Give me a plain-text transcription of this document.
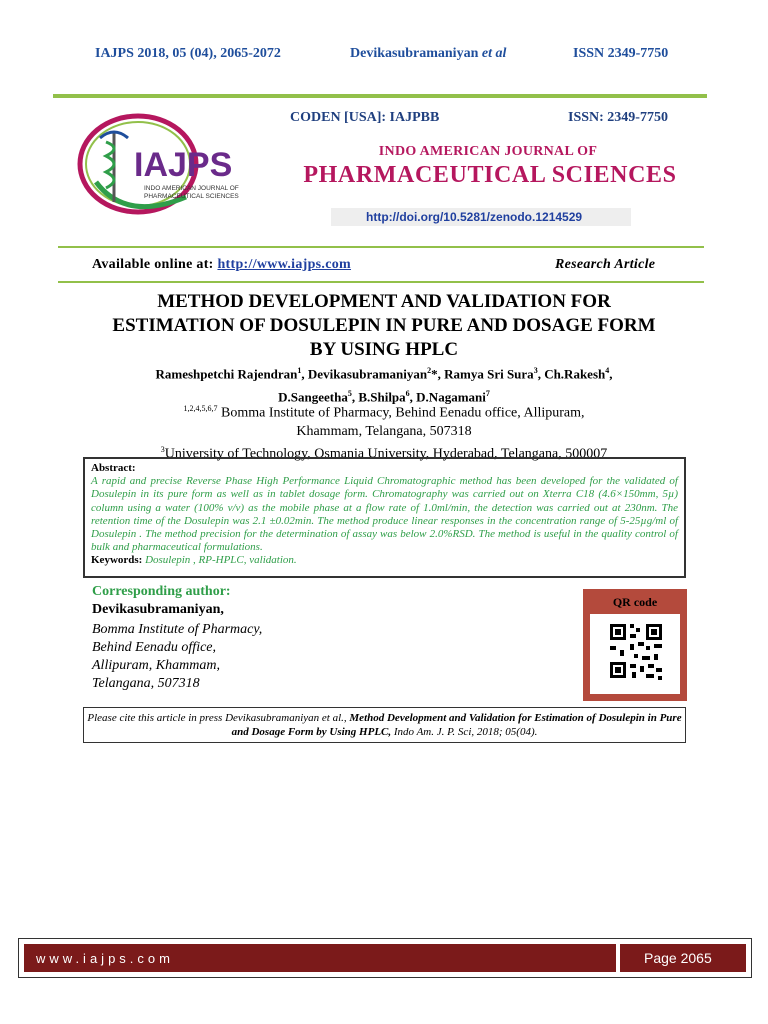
IAJPS 2018, 05 (04), 2065-2072	Devikasubramaniyan et al	ISSN 2349-7750
IAJPS
INDO AMERICAN JOURNAL OF
PHARMACEUTICAL SCIENCES
CODEN [USA]: IAJPBB	ISSN: 2349-7750
INDO AMERICAN JOURNAL OF
PHARMACEUTICAL SCIENCES
http://doi.org/10.5281/zenodo.1214529
Available online at: http://www.iajps.com	Research Article
METHOD DEVELOPMENT AND VALIDATION FOR
ESTIMATION OF DOSULEPIN IN PURE AND DOSAGE FORM
BY USING HPLC
Rameshpetchi Rajendran$^1$, Devikasubramaniyan$^2$*, Ramya Sri Sura$^3$, Ch.Rakesh$^4$,
D.Sangeetha$^5$, B.Shilpa$^6$, D.Nagamani$^7$
$^{1,2,4,5,6,7}$ Bomma Institute of Pharmacy, Behind Eenadu office, Allipuram,
Khammam, Telangana, 507318
$^3$University of Technology, Osmania University, Hyderabad, Telangana, 500007
Abstract:
A rapid and precise Reverse Phase High Performance Liquid Chromatographic method has been developed for the validated of Dosulepin in its pure form as well as in tablet dosage form. Chromatography was carried out on Xterra C18 (4.6×150mm, 5µ) column using a water (100% v/v) as the mobile phase at a flow rate of 1.0ml/min, the detection was carried out at 230nm. The retention time of the Dosulepin was 2.1 ±0.02min. The method produce linear responses in the concentration range of 5-25µg/ml of Dosulepin . The method precision for the determination of assay was below 2.0%RSD. The method is useful in the quality control of bulk and pharmaceutical formulations.
Keywords: Dosulepin , RP-HPLC, validation.
Corresponding author:
Devikasubramaniyan,
Bomma Institute of Pharmacy,
Behind Eenadu office,
Allipuram, Khammam,
Telangana, 507318
QR code
Please cite this article in press Devikasubramaniyan et al., Method Development and Validation for Estimation of Dosulepin in Pure and Dosage Form by Using HPLC, Indo Am. J. P. Sci, 2018; 05(04).
www.iajps.com	Page 2065
